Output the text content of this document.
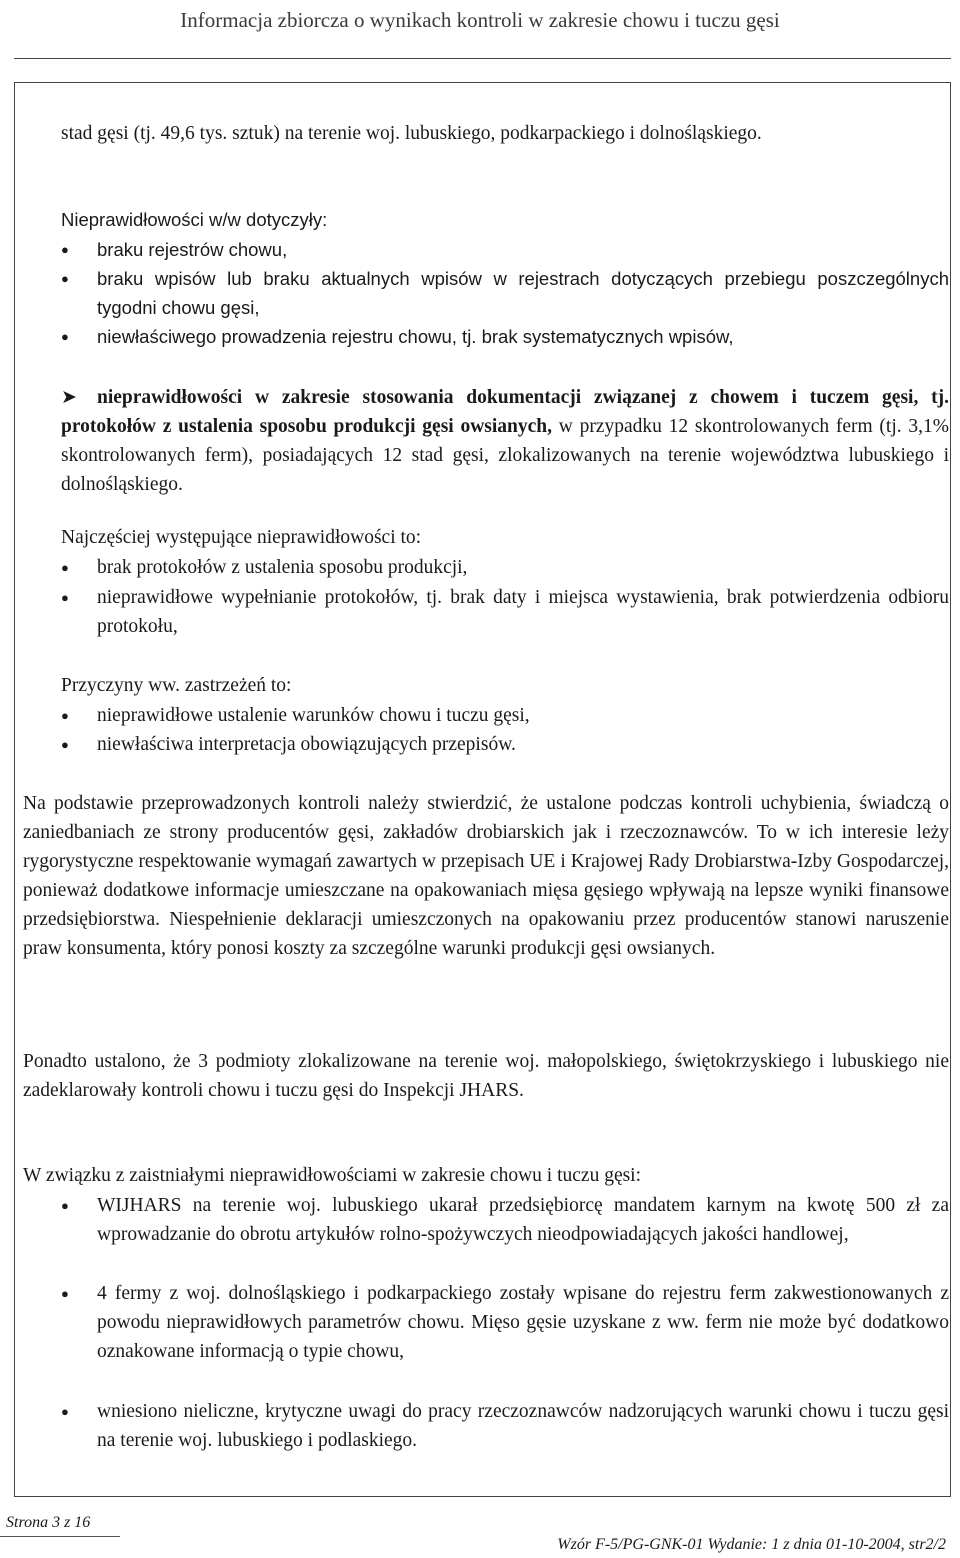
Informacja zbiorcza o wynikach kontroli w zakresie chowu i tuczu gęsi

stad gęsi (tj. 49,6 tys. sztuk) na terenie woj. lubuskiego, podkarpackiego i dolnośląskiego.

Nieprawidłowości w/w dotyczyły:

● braku rejestrów chowu,

● braku wpisów lub braku aktualnych wpisów w rejestrach dotyczących przebiegu poszczególnych tygodni chowu gęsi,

● niewłaściwego prowadzenia rejestru chowu, tj. brak systematycznych wpisów,

➤	nieprawidłowości w zakresie stosowania dokumentacji związanej z chowem i tuczem gęsi, tj. protokołów z ustalenia sposobu produkcji gęsi owsianych, w przypadku 12 skontrolowanych ferm (tj. 3,1% skontrolowanych ferm), posiadających 12 stad gęsi, zlokalizowanych na terenie województwa lubuskiego i dolnośląskiego.

Najczęściej występujące nieprawidłowości to:

● brak protokołów z ustalenia sposobu produkcji,

● nieprawidłowe wypełnianie protokołów, tj. brak daty i miejsca wystawienia, brak potwierdzenia odbioru protokołu,

Przyczyny ww. zastrzeżeń to:

● nieprawidłowe ustalenie warunków chowu i tuczu gęsi,

● niewłaściwa interpretacja obowiązujących przepisów.

Na podstawie przeprowadzonych kontroli należy stwierdzić, że ustalone podczas kontroli uchybienia, świadczą o zaniedbaniach ze strony producentów gęsi, zakładów drobiarskich jak i rzeczoznawców. To w ich interesie leży rygorystyczne respektowanie wymagań zawartych w przepisach UE i Krajowej Rady Drobiarstwa-Izby Gospodarczej, ponieważ dodatkowe informacje umieszczane na opakowaniach mięsa gęsiego wpływają na lepsze wyniki finansowe przedsiębiorstwa. Niespełnienie deklaracji umieszczonych na opakowaniu przez producentów stanowi naruszenie praw konsumenta, który ponosi koszty za szczególne warunki produkcji gęsi owsianych.

Ponadto ustalono, że 3 podmioty zlokalizowane na terenie woj. małopolskiego, świętokrzyskiego i lubuskiego nie zadeklarowały kontroli chowu i tuczu gęsi do Inspekcji JHARS.

W związku z zaistniałymi nieprawidłowościami w zakresie chowu i tuczu gęsi:

● WIJHARS na terenie woj. lubuskiego ukarał przedsiębiorcę mandatem karnym na kwotę 500 zł za wprowadzanie do obrotu artykułów rolno-spożywczych nieodpowiadających jakości handlowej,

● 4 fermy z woj. dolnośląskiego i podkarpackiego zostały wpisane do rejestru ferm zakwestionowanych z powodu nieprawidłowych parametrów chowu. Mięso gęsie uzyskane z ww. ferm nie może być dodatkowo oznakowane informacją o typie chowu,

● wniesiono nieliczne, krytyczne uwagi do pracy rzeczoznawców nadzorujących warunki chowu i tuczu gęsi na terenie woj. lubuskiego i podlaskiego.

Strona 3 z 16
Wzór F-5/PG-GNK-01 Wydanie: 1 z dnia 01-10-2004, str2/2
